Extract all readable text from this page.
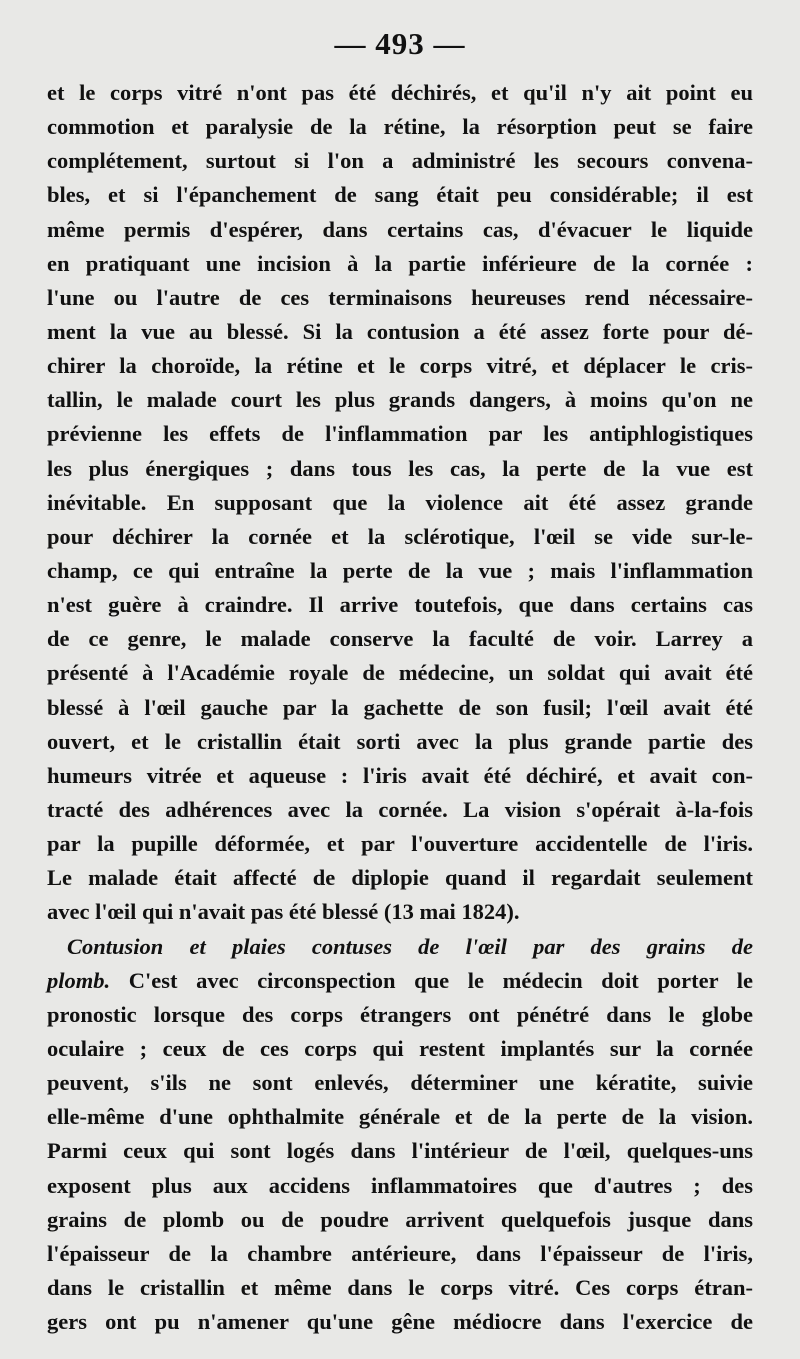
— 493 —
et le corps vitré n'ont pas été déchirés, et qu'il n'y ait point eu
commotion et paralysie de la rétine, la résorption peut se faire
complétement, surtout si l'on a administré les secours convena-
bles, et si l'épanchement de sang était peu considérable; il est
même permis d'espérer, dans certains cas, d'évacuer le liquide
en pratiquant une incision à la partie inférieure de la cornée :
l'une ou l'autre de ces terminaisons heureuses rend nécessaire-
ment la vue au blessé. Si la contusion a été assez forte pour dé-
chirer la choroïde, la rétine et le corps vitré, et déplacer le cris-
tallin, le malade court les plus grands dangers, à moins qu'on ne
prévienne les effets de l'inflammation par les antiphlogistiques
les plus énergiques ; dans tous les cas, la perte de la vue est
inévitable. En supposant que la violence ait été assez grande
pour déchirer la cornée et la sclérotique, l'œil se vide sur-le-
champ, ce qui entraîne la perte de la vue ; mais l'inflammation
n'est guère à craindre. Il arrive toutefois, que dans certains cas
de ce genre, le malade conserve la faculté de voir. Larrey a
présenté à l'Académie royale de médecine, un soldat qui avait été
blessé à l'œil gauche par la gachette de son fusil; l'œil avait été
ouvert, et le cristallin était sorti avec la plus grande partie des
humeurs vitrée et aqueuse : l'iris avait été déchiré, et avait con-
tracté des adhérences avec la cornée. La vision s'opérait à-la-fois
par la pupille déformée, et par l'ouverture accidentelle de l'iris.
Le malade était affecté de diplopie quand il regardait seulement
avec l'œil qui n'avait pas été blessé (13 mai 1824).
Contusion et plaies contuses de l'œil par des grains de
plomb. C'est avec circonspection que le médecin doit porter le
pronostic lorsque des corps étrangers ont pénétré dans le globe
oculaire ; ceux de ces corps qui restent implantés sur la cornée
peuvent, s'ils ne sont enlevés, déterminer une kératite, suivie
elle-même d'une ophthalmite générale et de la perte de la vision.
Parmi ceux qui sont logés dans l'intérieur de l'œil, quelques-uns
exposent plus aux accidens inflammatoires que d'autres ; des
grains de plomb ou de poudre arrivent quelquefois jusque dans
l'épaisseur de la chambre antérieure, dans l'épaisseur de l'iris,
dans le cristallin et même dans le corps vitré. Ces corps étran-
gers ont pu n'amener qu'une gêne médiocre dans l'exercice de
